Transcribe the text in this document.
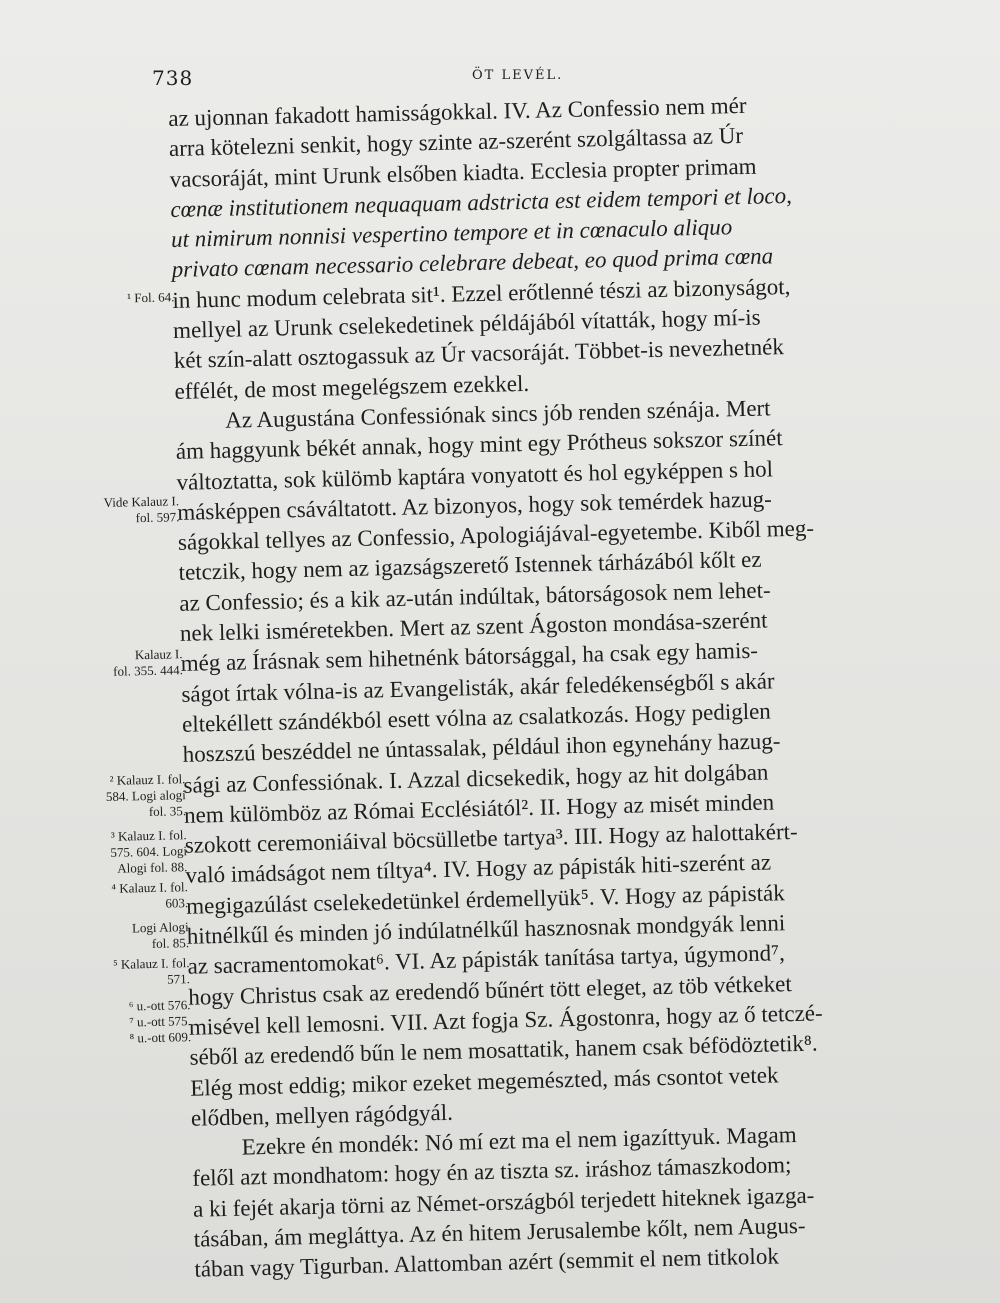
738	ÖT LEVÉL.
¹ Fol. 64.
Vide Kalauz I.
fol. 597.
Kalauz I.
fol. 355. 444.
² Kalauz I. fol.
584. Logi alogi
fol. 35.
³ Kalauz I. fol.
575. 604. Logi
Alogi fol. 88.
⁴ Kalauz I. fol.
603.
Logi Alogi
fol. 85.
⁵ Kalauz I. fol.
571.
⁶ u.-ott 576.
⁷ u.-ott 575.
⁸ u.-ott 609.
az ujonnan fakadott hamisságokkal. IV. Az Confessio nem mér
arra kötelezni senkit, hogy szinte az-szerént szolgáltassa az Úr
vacsoráját, mint Urunk elsőben kiadta. Ecclesia propter primam
cœnæ institutionem nequaquam adstricta est eidem tempori et loco,
ut nimirum nonnisi vespertino tempore et in cœnaculo aliquo
privato cœnam necessario celebrare debeat, eo quod prima cœna
in hunc modum celebrata sit¹. Ezzel erőtlenné tészi az bizonyságot,
mellyel az Urunk cselekedetinek példájából vítatták, hogy mí-is
két szín-alatt osztogassuk az Úr vacsoráját. Többet-is nevezhetnék
effélét, de most megelégszem ezekkel.
Az Augustána Confessiónak sincs jób renden szénája. Mert
ám haggyunk békét annak, hogy mint egy Prótheus sokszor színét
változtatta, sok külömb kaptára vonyatott és hol egyképpen s hol
másképpen csáváltatott. Az bizonyos, hogy sok temérdek hazug-
ságokkal tellyes az Confessio, Apologiájával-egyetembe. Kiből meg-
tetczik, hogy nem az igazságszerető Istennek tárházából kőlt ez
az Confessio; és a kik az-után indúltak, bátorságosok nem lehet-
nek lelki isméretekben. Mert az szent Ágoston mondása-szerént
még az Írásnak sem hihetnénk bátorsággal, ha csak egy hamis-
ságot írtak vólna-is az Evangelisták, akár feledékenségből s akár
eltekéllett szándékból esett vólna az csalatkozás. Hogy pediglen
hoszszú beszéddel ne úntassalak, például ihon egynehány hazug-
sági az Confessiónak. I. Azzal dicsekedik, hogy az hit dolgában
nem külömböz az Római Ecclésiától². II. Hogy az misét minden
szokott ceremoniáival böcsülletbe tartya³. III. Hogy az halottakért-
való imádságot nem tíltya⁴. IV. Hogy az pápisták hiti-szerént az
megigazúlást cselekedetünkel érdemellyük⁵. V. Hogy az pápisták
hitnélkűl és minden jó indúlatnélkűl hasznosnak mondgyák lenni
az sacramentomokat⁶. VI. Az pápisták tanítása tartya, úgymond⁷,
hogy Christus csak az eredendő bűnért tött eleget, az töb vétkeket
misével kell lemosni. VII. Azt fogja Sz. Ágostonra, hogy az ő tetczé-
séből az eredendő bűn le nem mosattatik, hanem csak béfödöztetik⁸.
Elég most eddig; mikor ezeket megemészted, más csontot vetek
elődben, mellyen rágódgyál.
Ezekre én mondék: Nó mí ezt ma el nem igazíttyuk. Magam
felől azt mondhatom: hogy én az tiszta sz. iráshoz támaszkodom;
a ki fejét akarja törni az Német-országból terjedett hiteknek igazga-
tásában, ám megláttya. Az én hitem Jerusalembe kőlt, nem Augus-
tában vagy Tigurban. Alattomban azért (semmit el nem titkolok
